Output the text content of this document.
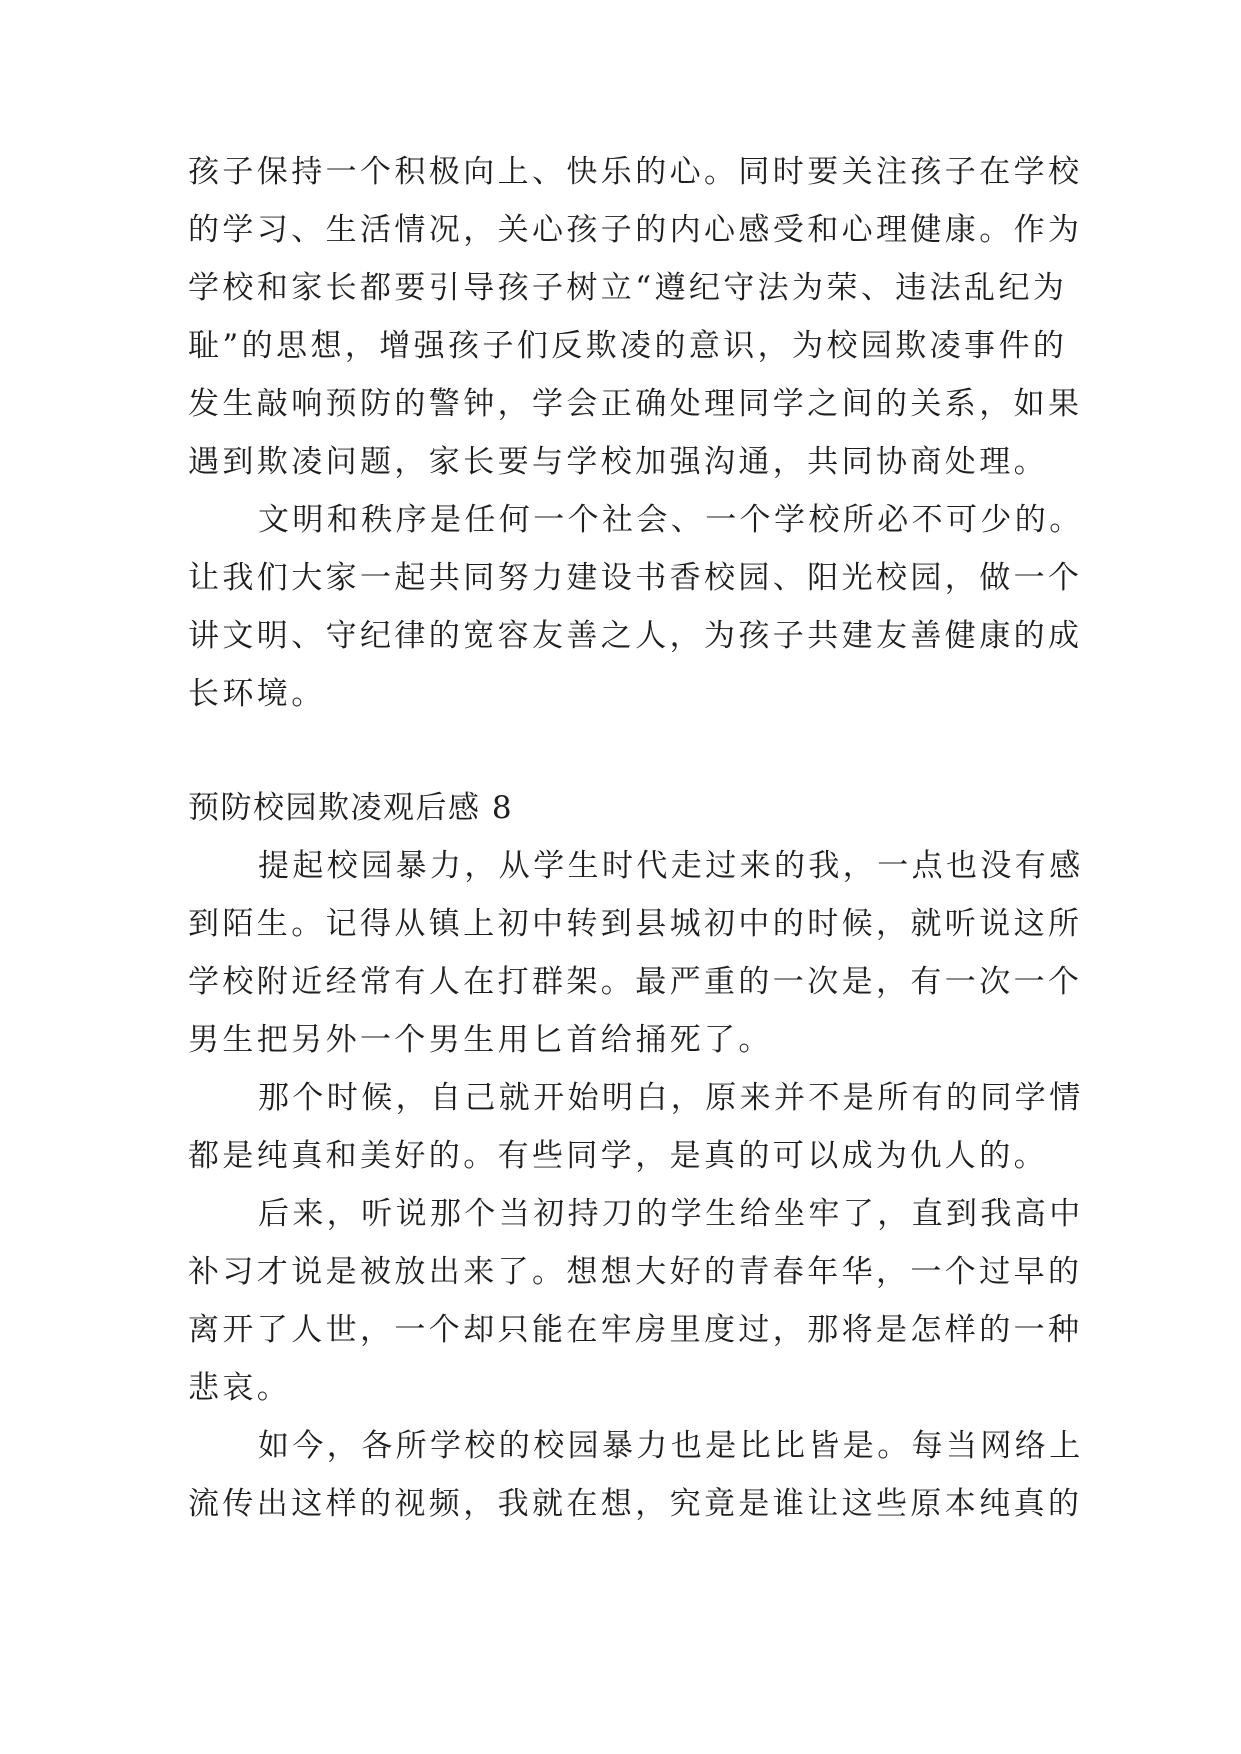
孩子保持一个积极向上、快乐的心。同时要关注孩子在学校
的学习、生活情况，关心孩子的内心感受和心理健康。作为
学校和家长都要引导孩子树立“遵纪守法为荣、违法乱纪为
耻”的思想，增强孩子们反欺凌的意识，为校园欺凌事件的
发生敲响预防的警钟，学会正确处理同学之间的关系，如果
遇到欺凌问题，家长要与学校加强沟通，共同协商处理。
文明和秩序是任何一个社会、一个学校所必不可少的。
让我们大家一起共同努力建设书香校园、阳光校园，做一个
讲文明、守纪律的宽容友善之人，为孩子共建友善健康的成
长环境。
预防校园欺凌观后感 8
提起校园暴力，从学生时代走过来的我，一点也没有感
到陌生。记得从镇上初中转到县城初中的时候，就听说这所
学校附近经常有人在打群架。最严重的一次是，有一次一个
男生把另外一个男生用匕首给捅死了。
那个时候，自己就开始明白，原来并不是所有的同学情
都是纯真和美好的。有些同学，是真的可以成为仇人的。
后来，听说那个当初持刀的学生给坐牢了，直到我高中
补习才说是被放出来了。想想大好的青春年华，一个过早的
离开了人世，一个却只能在牢房里度过，那将是怎样的一种
悲哀。
如今，各所学校的校园暴力也是比比皆是。每当网络上
流传出这样的视频，我就在想，究竟是谁让这些原本纯真的
